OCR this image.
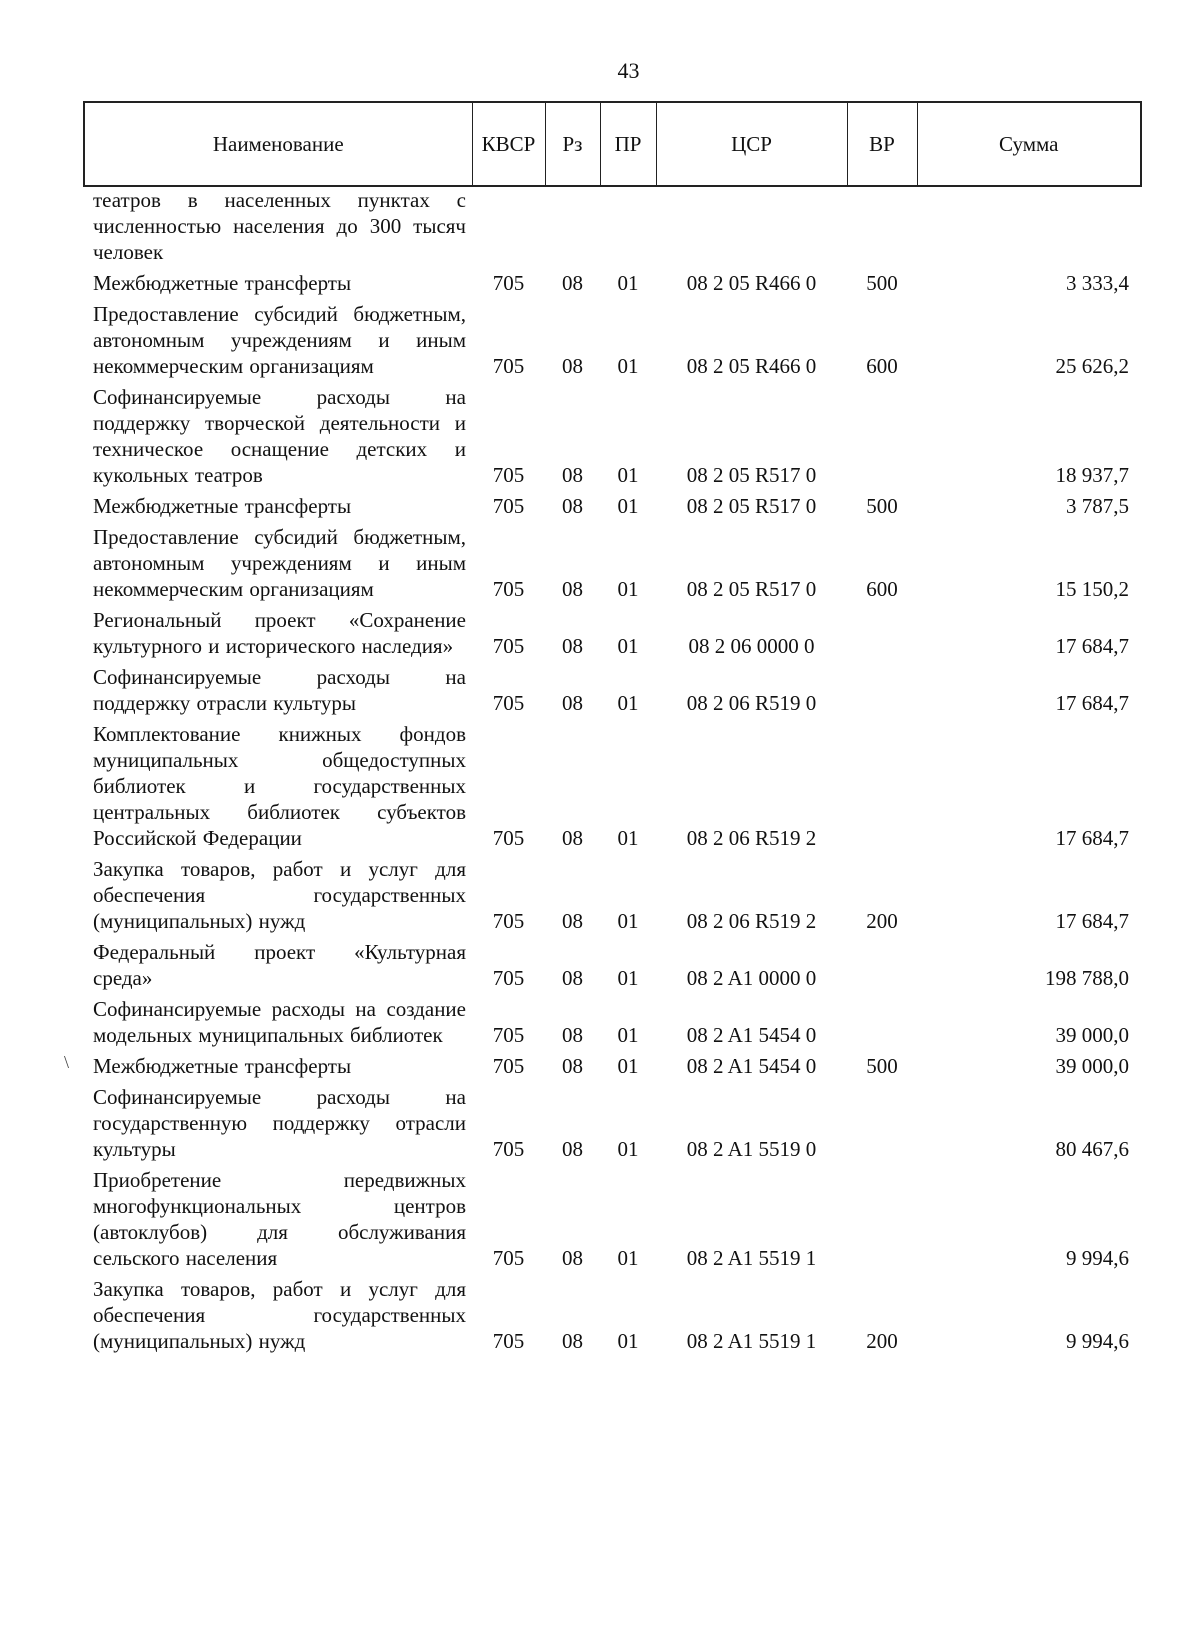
43
Наименование	КВСР	Рз	ПР	ЦСР	ВР	Сумма
театров в населенных пунктах с численностью населения до 300 тысяч человек						
Межбюджетные трансферты	705	08	01	08 2 05 R466 0	500	3 333,4
Предоставление субсидий бюджетным, автономным учреждениям и иным некоммерческим организациям	705	08	01	08 2 05 R466 0	600	25 626,2
Софинансируемые расходы на поддержку творческой деятельности и техническое оснащение детских и кукольных театров	705	08	01	08 2 05 R517 0		18 937,7
Межбюджетные трансферты	705	08	01	08 2 05 R517 0	500	3 787,5
Предоставление субсидий бюджетным, автономным учреждениям и иным некоммерческим организациям	705	08	01	08 2 05 R517 0	600	15 150,2
Региональный проект «Сохранение культурного и исторического наследия»	705	08	01	08 2 06 0000 0		17 684,7
Софинансируемые расходы на поддержку отрасли культуры	705	08	01	08 2 06 R519 0		17 684,7
Комплектование книжных фондов муниципальных общедоступных библиотек и государственных центральных библиотек субъектов Российской Федерации	705	08	01	08 2 06 R519 2		17 684,7
Закупка товаров, работ и услуг для обеспечения государственных (муниципальных) нужд	705	08	01	08 2 06 R519 2	200	17 684,7
Федеральный проект «Культурная среда»	705	08	01	08 2 A1 0000 0		198 788,0
Софинансируемые расходы на создание модельных муниципальных библиотек	705	08	01	08 2 A1 5454 0		39 000,0
Межбюджетные трансферты	705	08	01	08 2 A1 5454 0	500	39 000,0
Софинансируемые расходы на государственную поддержку отрасли культуры	705	08	01	08 2 A1 5519 0		80 467,6
Приобретение передвижных многофункциональных центров (автоклубов) для обслуживания сельского населения	705	08	01	08 2 A1 5519 1		9 994,6
Закупка товаров, работ и услуг для обеспечения государственных (муниципальных) нужд	705	08	01	08 2 A1 5519 1	200	9 994,6
\
